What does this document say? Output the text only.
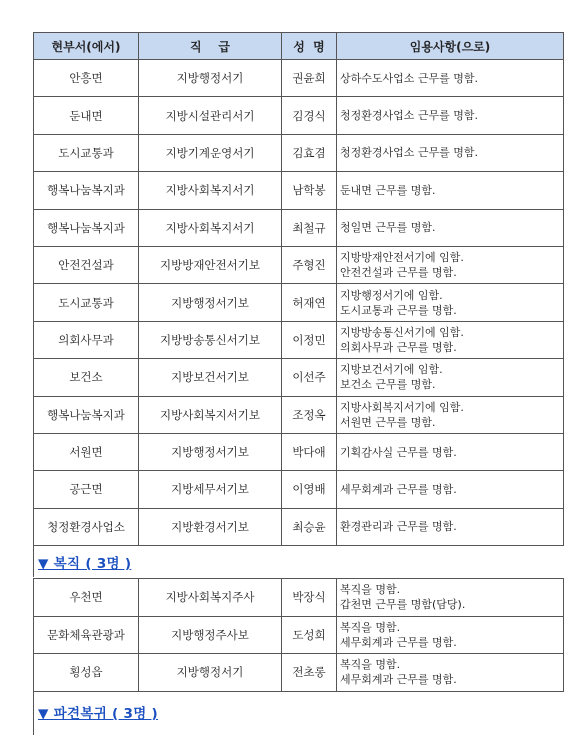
현부서(에서)	직    급	성  명	임용사항(으로)
안흥면	지방행정서기	권윤희	상하수도사업소 근무를 명함.

둔내면	지방시설관리서기	김경식	청정환경사업소 근무를 명함.

도시교통과	지방기계운영서기	김효겸	청정환경사업소 근무를 명함.

행복나눔복지과	지방사회복지서기	남학봉	둔내면 근무를 명함.

행복나눔복지과	지방사회복지서기	최철규	청일면 근무를 명함.

안전건설과	지방방재안전서기보	주형진	지방방재안전서기에 임함.
안전건설과 근무를 명함.

도시교통과	지방행정서기보	허재연	지방행정서기에 임함.
도시교통과 근무를 명함.

의회사무과	지방방송통신서기보	이정민	지방방송통신서기에 임함.
의회사무과 근무를 명함.

보건소	지방보건서기보	이선주	지방보건서기에 임함.
보건소 근무를 명함.

행복나눔복지과	지방사회복지서기보	조정옥	지방사회복지서기에 임함.
서원면 근무를 명함.

서원면	지방행정서기보	박다애	기획감사실 근무를 명함.

공근면	지방세무서기보	이영배	세무회계과 근무를 명함.

청정환경사업소	지방환경서기보	최승윤	환경관리과 근무를 명함.
▼ 복직 ( 3명 )
우천면	지방사회복지주사	박장식	복직을 명함.
갑천면 근무를 명함(담당).

문화체육관광과	지방행정주사보	도성희	복직을 명함.
세무회계과 근무를 명함.

횡성읍	지방행정서기	전초롱	복직을 명함.
세무회계과 근무를 명함.
▼ 파견복귀 ( 3명 )
